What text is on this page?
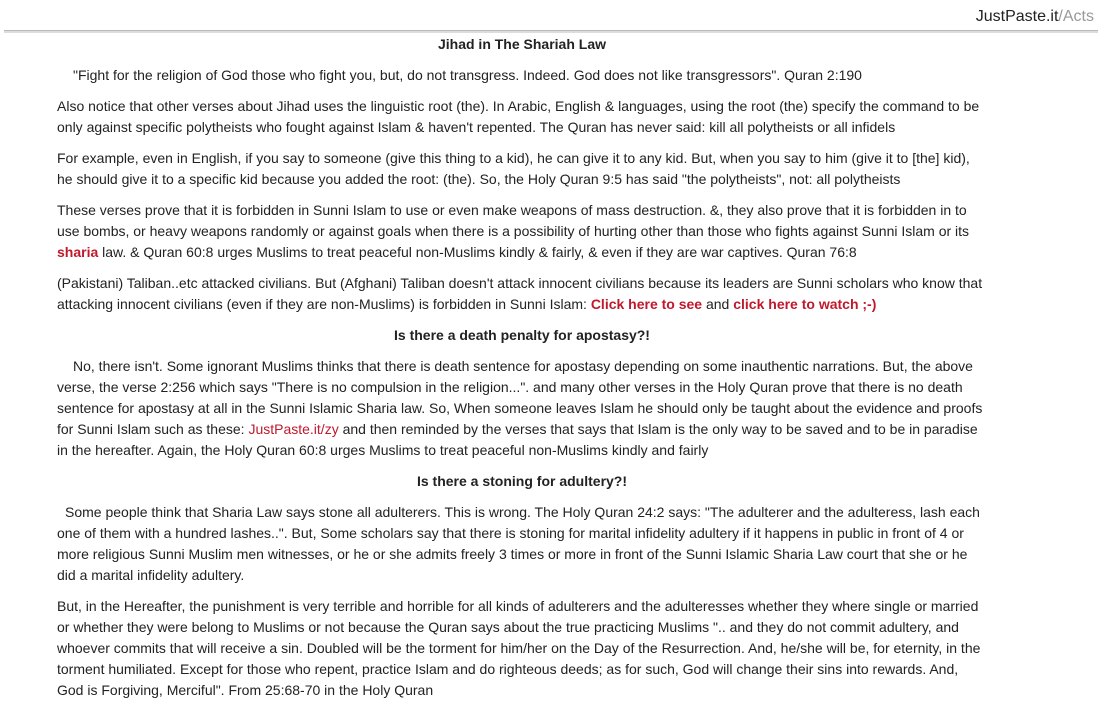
JustPaste.it/Acts
Jihad in The Shariah Law

"Fight for the religion of God those who fight you, but, do not transgress. Indeed. God does not like transgressors". Quran 2:190

Also notice that other verses about Jihad uses the linguistic root (the). In Arabic, English & languages, using the root (the) specify the command to be only against specific polytheists who fought against Islam & haven't repented. The Quran has never said: kill all polytheists or all infidels

For example, even in English, if you say to someone (give this thing to a kid), he can give it to any kid. But, when you say to him (give it to [the] kid), he should give it to a specific kid because you added the root: (the). So, the Holy Quran 9:5 has said "the polytheists", not: all polytheists

These verses prove that it is forbidden in Sunni Islam to use or even make weapons of mass destruction. &, they also prove that it is forbidden in to use bombs, or heavy weapons randomly or against goals when there is a possibility of hurting other than those who fights against Sunni Islam or its sharia law. & Quran 60:8 urges Muslims to treat peaceful non-Muslims kindly & fairly, & even if they are war captives. Quran 76:8

(Pakistani) Taliban..etc attacked civilians. But (Afghani) Taliban doesn't attack innocent civilians because its leaders are Sunni scholars who know that attacking innocent civilians (even if they are non-Muslims) is forbidden in Sunni Islam: Click here to see and click here to watch ;-)

Is there a death penalty for apostasy?!

No, there isn't. Some ignorant Muslims thinks that there is death sentence for apostasy depending on some inauthentic narrations. But, the above verse, the verse 2:256 which says "There is no compulsion in the religion...". and many other verses in the Holy Quran prove that there is no death sentence for apostasy at all in the Sunni Islamic Sharia law. So, When someone leaves Islam he should only be taught about the evidence and proofs for Sunni Islam such as these: JustPaste.it/zy and then reminded by the verses that says that Islam is the only way to be saved and to be in paradise in the hereafter. Again, the Holy Quran 60:8 urges Muslims to treat peaceful non-Muslims kindly and fairly

Is there a stoning for adultery?!

Some people think that Sharia Law says stone all adulterers. This is wrong. The Holy Quran 24:2 says: "The adulterer and the adulteress, lash each one of them with a hundred lashes..". But, Some scholars say that there is stoning for marital infidelity adultery if it happens in public in front of 4 or more religious Sunni Muslim men witnesses, or he or she admits freely 3 times or more in front of the Sunni Islamic Sharia Law court that she or he did a marital infidelity adultery.

But, in the Hereafter, the punishment is very terrible and horrible for all kinds of adulterers and the adulteresses whether they where single or married or whether they were belong to Muslims or not because the Quran says about the true practicing Muslims ".. and they do not commit adultery, and whoever commits that will receive a sin. Doubled will be the torment for him/her on the Day of the Resurrection. And, he/she will be, for eternity, in the torment humiliated. Except for those who repent, practice Islam and do righteous deeds; as for such, God will change their sins into rewards. And, God is Forgiving, Merciful". From 25:68-70 in the Holy Quran
